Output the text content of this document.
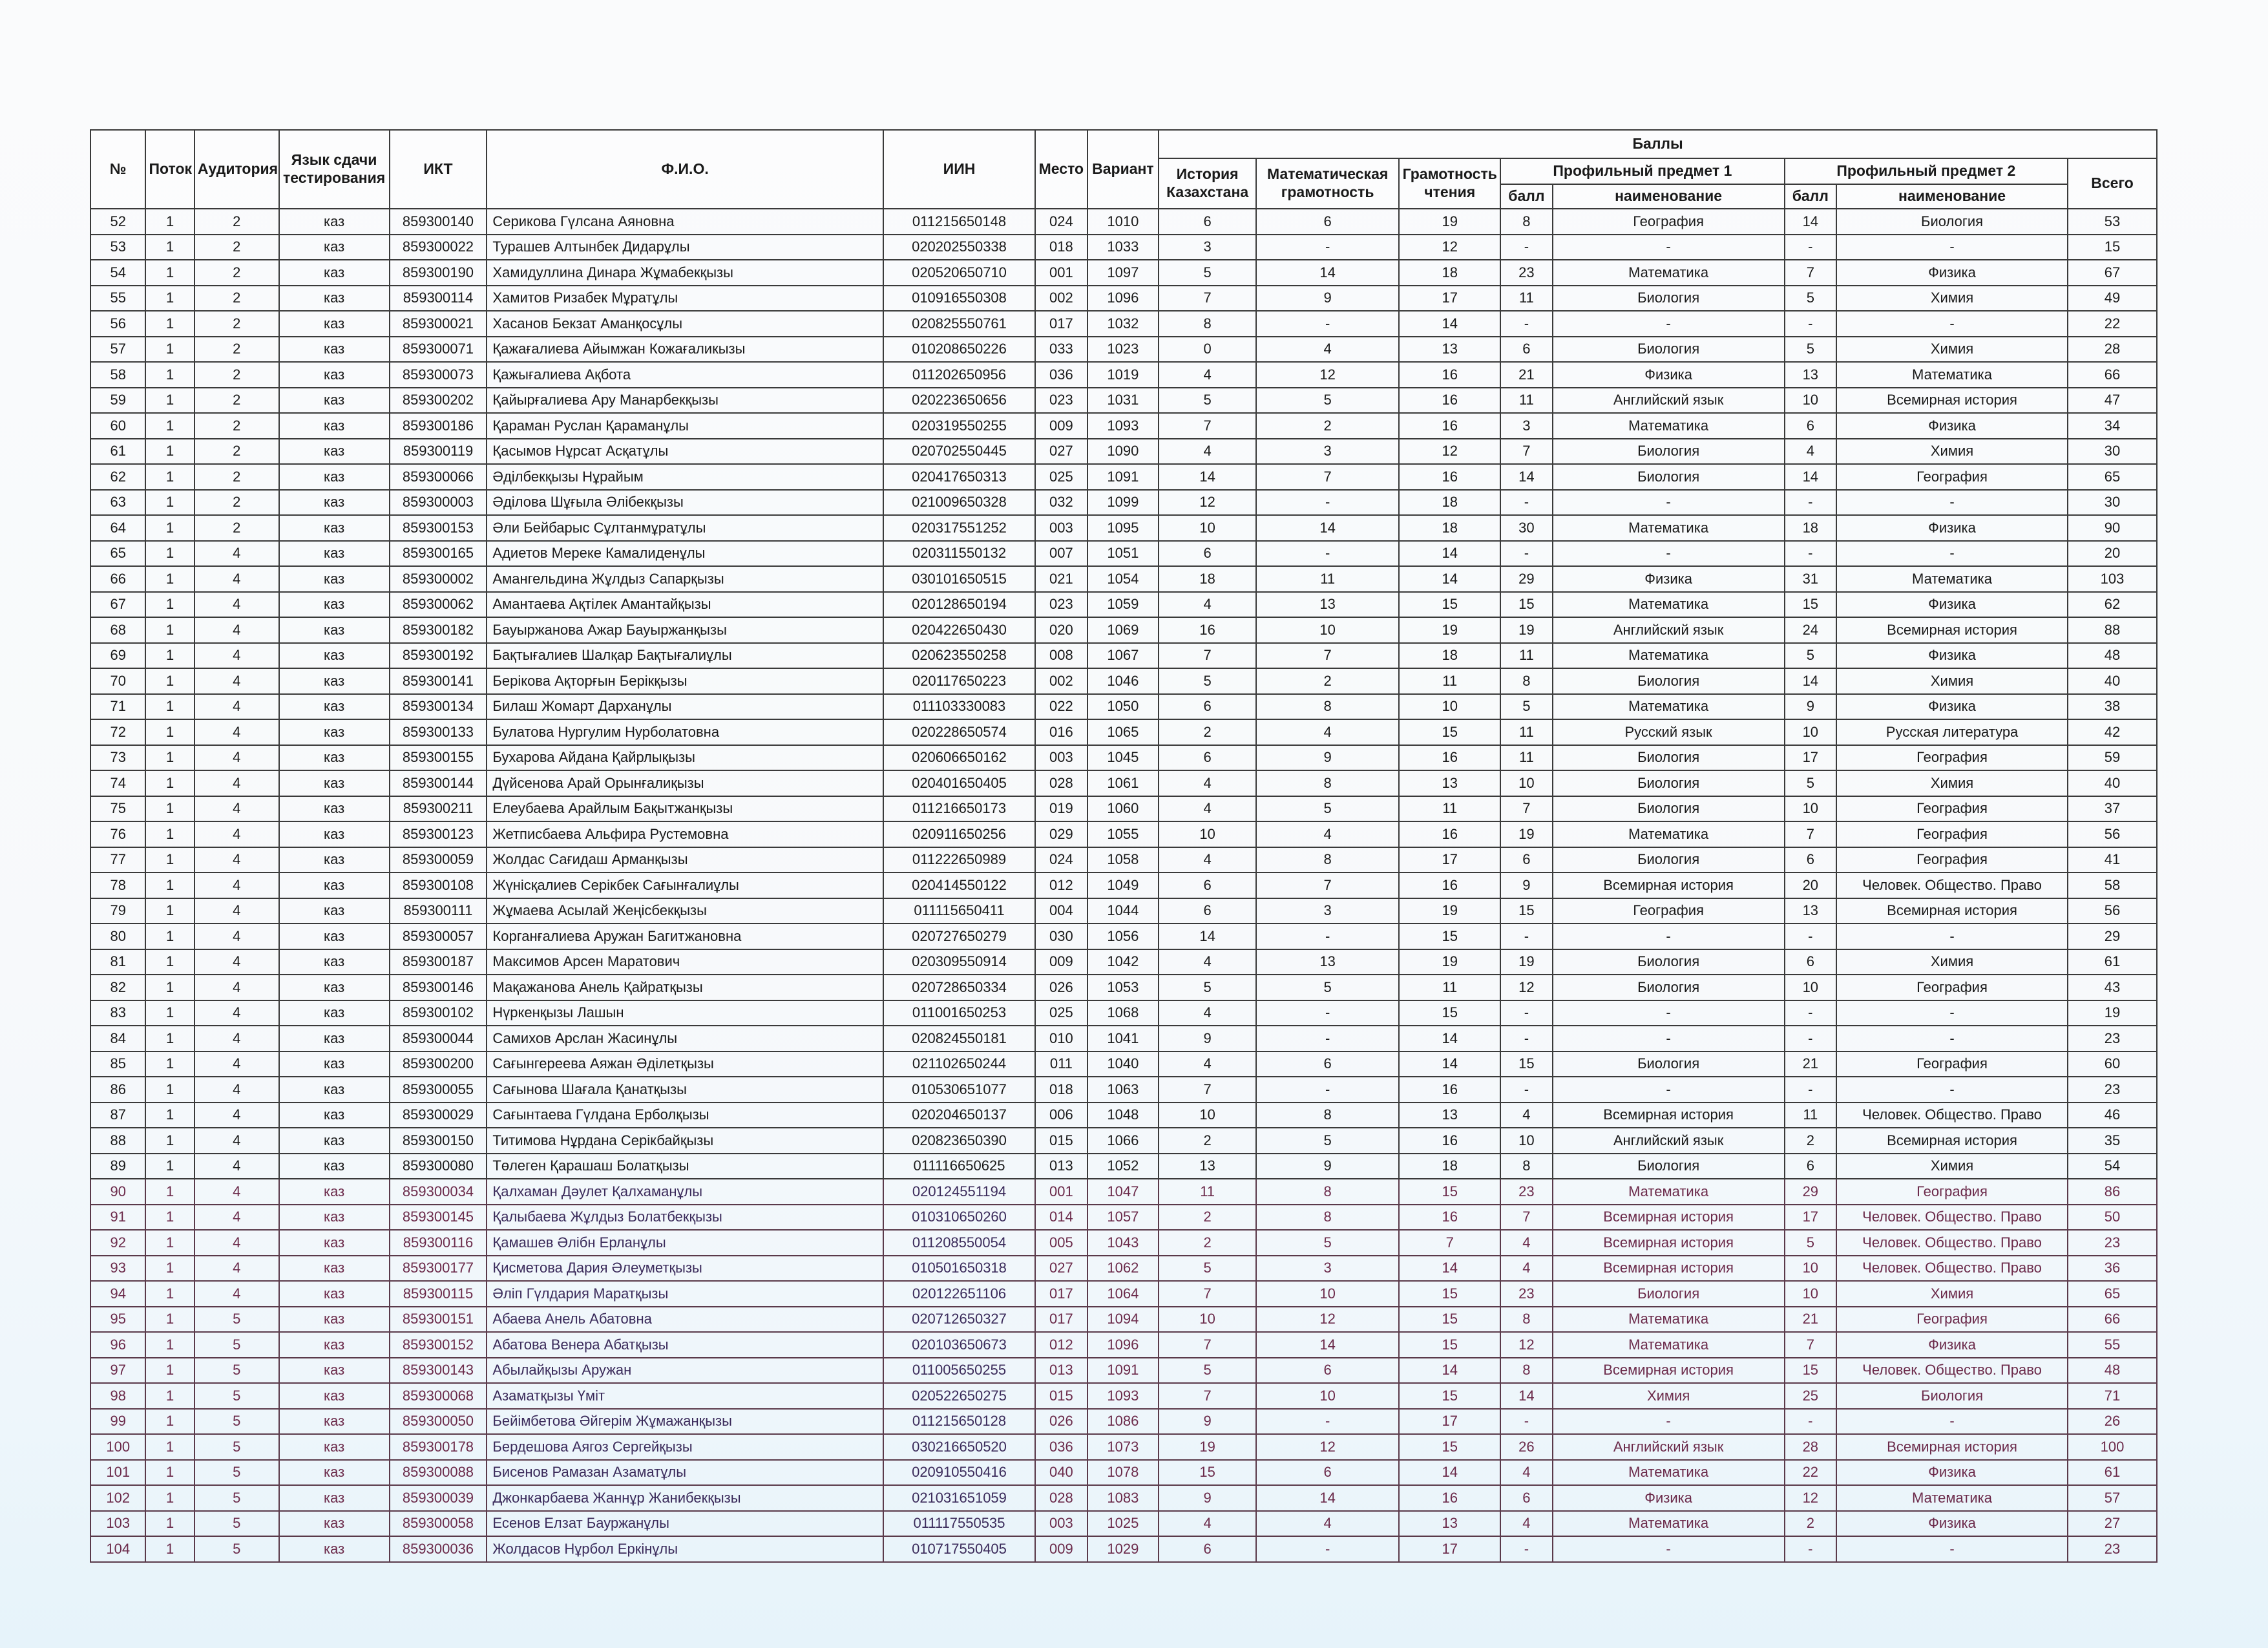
№	Поток	Аудитория	Язык сдачи тестирования	ИКТ	Ф.И.О.	ИИН	Место	Вариант	Баллы							
									История Казахстана	Математическая грамотность	Грамотность чтения	Профильный предмет 1		Профильный предмет 2		Всего
												балл	наименование	балл	наименование	
52	1	2	каз	859300140	Серикова Гүлсана Аяновна	011215650148	024	1010	6	6	19	8	География	14	Биология	53
53	1	2	каз	859300022	Турашев Алтынбек Дидарұлы	020202550338	018	1033	3	-	12	-	-	-	-	15
54	1	2	каз	859300190	Хамидуллина Динара Жұмабекқызы	020520650710	001	1097	5	14	18	23	Математика	7	Физика	67
55	1	2	каз	859300114	Хамитов Ризабек Мұратұлы	010916550308	002	1096	7	9	17	11	Биология	5	Химия	49
56	1	2	каз	859300021	Хасанов Бекзат Аманқосұлы	020825550761	017	1032	8	-	14	-	-	-	-	22
57	1	2	каз	859300071	Қажағалиева Айымжан Кожағаликызы	010208650226	033	1023	0	4	13	6	Биология	5	Химия	28
58	1	2	каз	859300073	Қажығалиева Ақбота	011202650956	036	1019	4	12	16	21	Физика	13	Математика	66
59	1	2	каз	859300202	Қайырғалиева Ару Манарбекқызы	020223650656	023	1031	5	5	16	11	Английский язык	10	Всемирная история	47
60	1	2	каз	859300186	Қараман Руслан Қараманұлы	020319550255	009	1093	7	2	16	3	Математика	6	Физика	34
61	1	2	каз	859300119	Қасымов Нұрсат Асқатұлы	020702550445	027	1090	4	3	12	7	Биология	4	Химия	30
62	1	2	каз	859300066	Әділбекқызы Нұрайым	020417650313	025	1091	14	7	16	14	Биология	14	География	65
63	1	2	каз	859300003	Әділова Шұғыла Әлібекқызы	021009650328	032	1099	12	-	18	-	-	-	-	30
64	1	2	каз	859300153	Әли Бейбарыс Сұлтанмұратұлы	020317551252	003	1095	10	14	18	30	Математика	18	Физика	90
65	1	4	каз	859300165	Адиетов Мереке Камалиденұлы	020311550132	007	1051	6	-	14	-	-	-	-	20
66	1	4	каз	859300002	Амангельдина Жұлдыз Сапарқызы	030101650515	021	1054	18	11	14	29	Физика	31	Математика	103
67	1	4	каз	859300062	Амантаева Ақтілек Амантайқызы	020128650194	023	1059	4	13	15	15	Математика	15	Физика	62
68	1	4	каз	859300182	Бауыржанова Ажар Бауыржанқызы	020422650430	020	1069	16	10	19	19	Английский язык	24	Всемирная история	88
69	1	4	каз	859300192	Бақтығалиев Шалқар Бақтығалиұлы	020623550258	008	1067	7	7	18	11	Математика	5	Физика	48
70	1	4	каз	859300141	Берікова Ақторғын Берікқызы	020117650223	002	1046	5	2	11	8	Биология	14	Химия	40
71	1	4	каз	859300134	Билаш Жомарт Дарханұлы	011103330083	022	1050	6	8	10	5	Математика	9	Физика	38
72	1	4	каз	859300133	Булатова Нургулим Нурболатовна	020228650574	016	1065	2	4	15	11	Русский язык	10	Русская литература	42
73	1	4	каз	859300155	Бухарова Айдана Қайрлықызы	020606650162	003	1045	6	9	16	11	Биология	17	География	59
74	1	4	каз	859300144	Дүйсенова Арай Орынғалиқызы	020401650405	028	1061	4	8	13	10	Биология	5	Химия	40
75	1	4	каз	859300211	Елеубаева Арайлым Бақытжанқызы	011216650173	019	1060	4	5	11	7	Биология	10	География	37
76	1	4	каз	859300123	Жетписбаева Альфира Рустемовна	020911650256	029	1055	10	4	16	19	Математика	7	География	56
77	1	4	каз	859300059	Жолдас Сағидаш Арманқызы	011222650989	024	1058	4	8	17	6	Биология	6	География	41
78	1	4	каз	859300108	Жүнісқалиев Серікбек Сағынғалиұлы	020414550122	012	1049	6	7	16	9	Всемирная история	20	Человек. Общество. Право	58
79	1	4	каз	859300111	Жұмаева Асылай Жеңісбекқызы	011115650411	004	1044	6	3	19	15	География	13	Всемирная история	56
80	1	4	каз	859300057	Корганғалиева Аружан Багитжановна	020727650279	030	1056	14	-	15	-	-	-	-	29
81	1	4	каз	859300187	Максимов Арсен Маратович	020309550914	009	1042	4	13	19	19	Биология	6	Химия	61
82	1	4	каз	859300146	Мақажанова Анель Қайратқызы	020728650334	026	1053	5	5	11	12	Биология	10	География	43
83	1	4	каз	859300102	Нүркенқызы Лашын	011001650253	025	1068	4	-	15	-	-	-	-	19
84	1	4	каз	859300044	Самихов Арслан Жасинұлы	020824550181	010	1041	9	-	14	-	-	-	-	23
85	1	4	каз	859300200	Сағынгереева Аяжан Әділетқызы	021102650244	011	1040	4	6	14	15	Биология	21	География	60
86	1	4	каз	859300055	Сағынова Шағала Қанатқызы	010530651077	018	1063	7	-	16	-	-	-	-	23
87	1	4	каз	859300029	Сағынтаева Гүлдана Ерболқызы	020204650137	006	1048	10	8	13	4	Всемирная история	11	Человек. Общество. Право	46
88	1	4	каз	859300150	Титимова Нұрдана Серікбайқызы	020823650390	015	1066	2	5	16	10	Английский язык	2	Всемирная история	35
89	1	4	каз	859300080	Төлеген Қарашаш Болатқызы	011116650625	013	1052	13	9	18	8	Биология	6	Химия	54
90	1	4	каз	859300034	Қалхаман Дәулет Қалхаманұлы	020124551194	001	1047	11	8	15	23	Математика	29	География	86
91	1	4	каз	859300145	Қалыбаева Жұлдыз Болатбекқызы	010310650260	014	1057	2	8	16	7	Всемирная история	17	Человек. Общество. Право	50
92	1	4	каз	859300116	Қамашев Әлібн Ерланұлы	011208550054	005	1043	2	5	7	4	Всемирная история	5	Человек. Общество. Право	23
93	1	4	каз	859300177	Қисметова Дария Әлеуметқызы	010501650318	027	1062	5	3	14	4	Всемирная история	10	Человек. Общество. Право	36
94	1	4	каз	859300115	Әліп Гүлдария Маратқызы	020122651106	017	1064	7	10	15	23	Биология	10	Химия	65
95	1	5	каз	859300151	Абаева Анель Абатовна	020712650327	017	1094	10	12	15	8	Математика	21	География	66
96	1	5	каз	859300152	Абатова Венера Абатқызы	020103650673	012	1096	7	14	15	12	Математика	7	Физика	55
97	1	5	каз	859300143	Абылайқызы Аружан	011005650255	013	1091	5	6	14	8	Всемирная история	15	Человек. Общество. Право	48
98	1	5	каз	859300068	Азаматқызы Үміт	020522650275	015	1093	7	10	15	14	Химия	25	Биология	71
99	1	5	каз	859300050	Бейімбетова Әйгерім Жұмажанқызы	011215650128	026	1086	9	-	17	-	-	-	-	26
100	1	5	каз	859300178	Бердешова Аягоз Сергейқызы	030216650520	036	1073	19	12	15	26	Английский язык	28	Всемирная история	100
101	1	5	каз	859300088	Бисенов Рамазан Азаматұлы	020910550416	040	1078	15	6	14	4	Математика	22	Физика	61
102	1	5	каз	859300039	Джонкарбаева Жаннұр Жанибекқызы	021031651059	028	1083	9	14	16	6	Физика	12	Математика	57
103	1	5	каз	859300058	Есенов Елзат Бауржанұлы	011117550535	003	1025	4	4	13	4	Математика	2	Физика	27
104	1	5	каз	859300036	Жолдасов Нұрбол Еркінұлы	010717550405	009	1029	6	-	17	-	-	-	-	23
